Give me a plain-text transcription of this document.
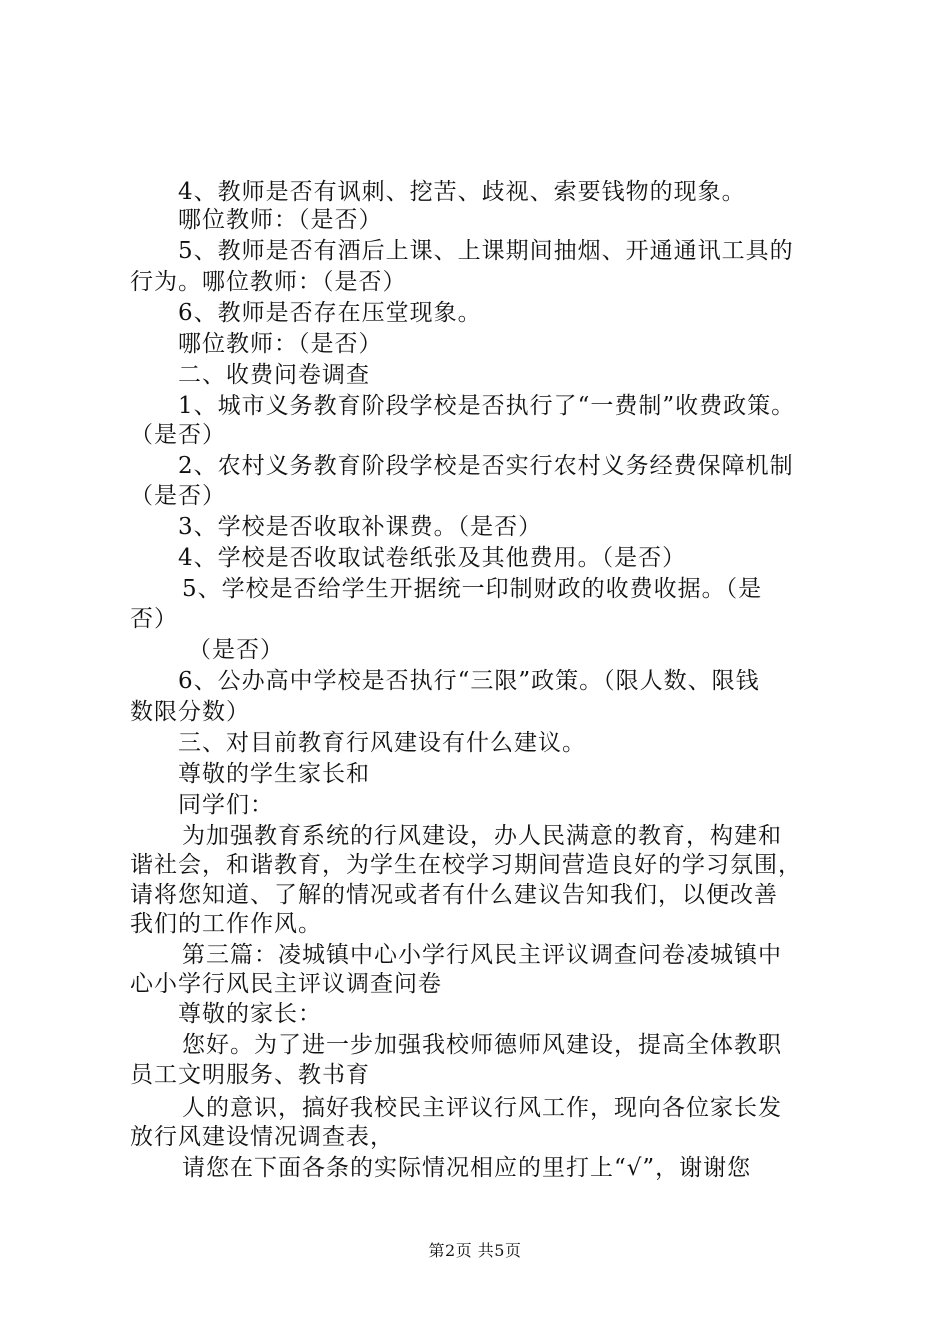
4、教师是否有讽刺、挖苦、歧视、索要钱物的现象。
哪位教师：（是否）
5、教师是否有酒后上课、上课期间抽烟、开通通讯工具的
行为。哪位教师：（是否）
6、教师是否存在压堂现象。
哪位教师：（是否）
二、收费问卷调查
1、城市义务教育阶段学校是否执行了“一费制”收费政策。
（是否）
2、农村义务教育阶段学校是否实行农村义务经费保障机制
（是否）
3、学校是否收取补课费。（是否）
4、学校是否收取试卷纸张及其他费用。（是否）
5、学校是否给学生开据统一印制财政的收费收据。（是
否）
（是否）
6、公办高中学校是否执行“三限”政策。（限人数、限钱
数限分数）
三、对目前教育行风建设有什么建议。
尊敬的学生家长和
同学们：
为加强教育系统的行风建设，办人民满意的教育，构建和
谐社会，和谐教育，为学生在校学习期间营造良好的学习氛围，
请将您知道、了解的情况或者有什么建议告知我们，以便改善
我们的工作作风。
第三篇：凌城镇中心小学行风民主评议调查问卷凌城镇中
心小学行风民主评议调查问卷
尊敬的家长：
您好。为了进一步加强我校师德师风建设，提高全体教职
员工文明服务、教书育
人的意识，搞好我校民主评议行风工作，现向各位家长发
放行风建设情况调查表，
请您在下面各条的实际情况相应的里打上“√”，谢谢您
第2页 共5页
